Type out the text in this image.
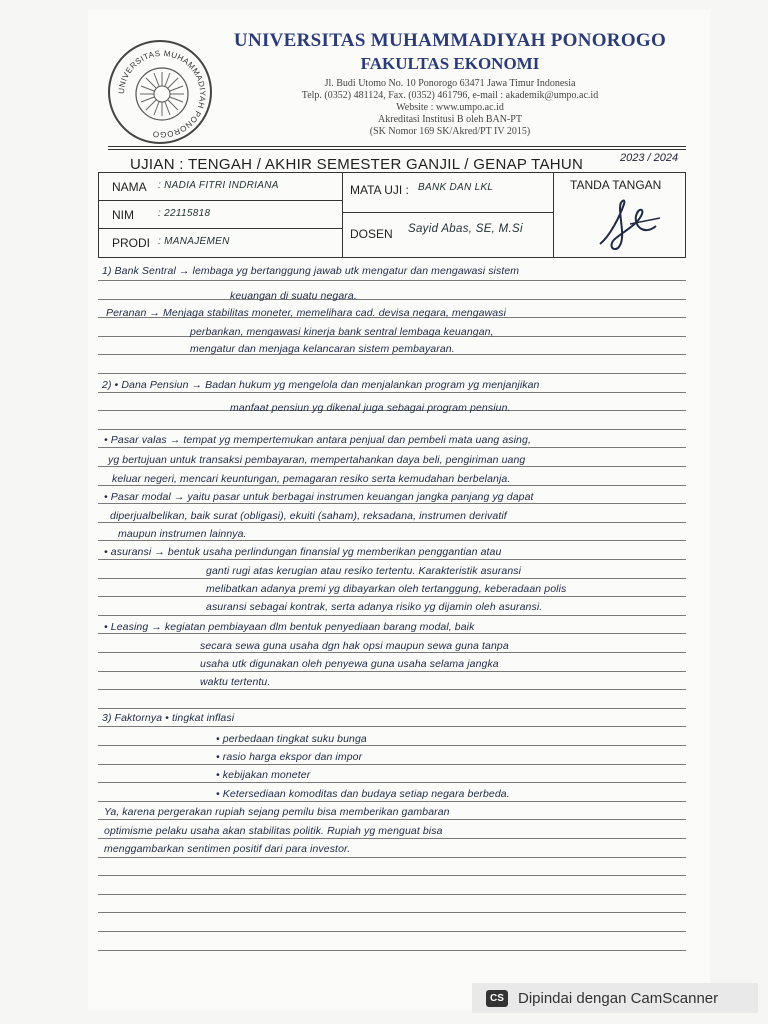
UNIVERSITAS MUHAMMADIYAH PONOROGO
UNIVERSITAS MUHAMMADIYAH PONOROGO
FAKULTAS EKONOMI
Jl. Budi Utomo No. 10 Ponorogo 63471 Jawa Timur Indonesia
Telp. (0352) 481124, Fax. (0352) 461796, e-mail : akademik@umpo.ac.id
Website : www.umpo.ac.id
Akreditasi Institusi B oleh BAN-PT
(SK Nomor 169 SK/Akred/PT IV 2015)
UJIAN : TENGAH / AKHIR SEMESTER GANJIL / GENAP TAHUN	2023 / 2024
NAMA : NADIA FITRI INDRIANA
NIM : 22115818
PRODI : MANAJEMEN
MATA UJI : BANK DAN LKL
DOSEN Sayid Abas, SE, M.Si
TANDA TANGAN
1) Bank Sentral → lembaga yg bertanggung jawab utk mengatur dan mengawasi sistem
keuangan di suatu negara.
Peranan → Menjaga stabilitas moneter, memelihara cad. devisa negara, mengawasi
perbankan, mengawasi kinerja bank sentral lembaga keuangan,
mengatur dan menjaga kelancaran sistem pembayaran.
2) • Dana Pensiun → Badan hukum yg mengelola dan menjalankan program yg menjanjikan
manfaat pensiun yg dikenal juga sebagai program pensiun.
• Pasar valas → tempat yg mempertemukan antara penjual dan pembeli mata uang asing,
yg bertujuan untuk transaksi pembayaran, mempertahankan daya beli, pengiriman uang
keluar negeri, mencari keuntungan, pemagaran resiko serta kemudahan berbelanja.
• Pasar modal → yaitu pasar untuk berbagai instrumen keuangan jangka panjang yg dapat
diperjualbelikan, baik surat (obligasi), ekuiti (saham), reksadana, instrumen derivatif
maupun instrumen lainnya.
• asuransi → bentuk usaha perlindungan finansial yg memberikan penggantian atau
ganti rugi atas kerugian atau resiko tertentu. Karakteristik asuransi
melibatkan adanya premi yg dibayarkan oleh tertanggung, keberadaan polis
asuransi sebagai kontrak, serta adanya risiko yg dijamin oleh asuransi.
• Leasing → kegiatan pembiayaan dlm bentuk penyediaan barang modal, baik
secara sewa guna usaha dgn hak opsi maupun sewa guna tanpa
usaha utk digunakan oleh penyewa guna usaha selama jangka
waktu tertentu.
3) Faktornya • tingkat inflasi
• perbedaan tingkat suku bunga
• rasio harga ekspor dan impor
• kebijakan moneter
• Ketersediaan komoditas dan budaya setiap negara berbeda.
Ya, karena pergerakan rupiah sejang pemilu bisa memberikan gambaran
optimisme pelaku usaha akan stabilitas politik. Rupiah yg menguat bisa
menggambarkan sentimen positif dari para investor.
CS Dipindai dengan CamScanner
